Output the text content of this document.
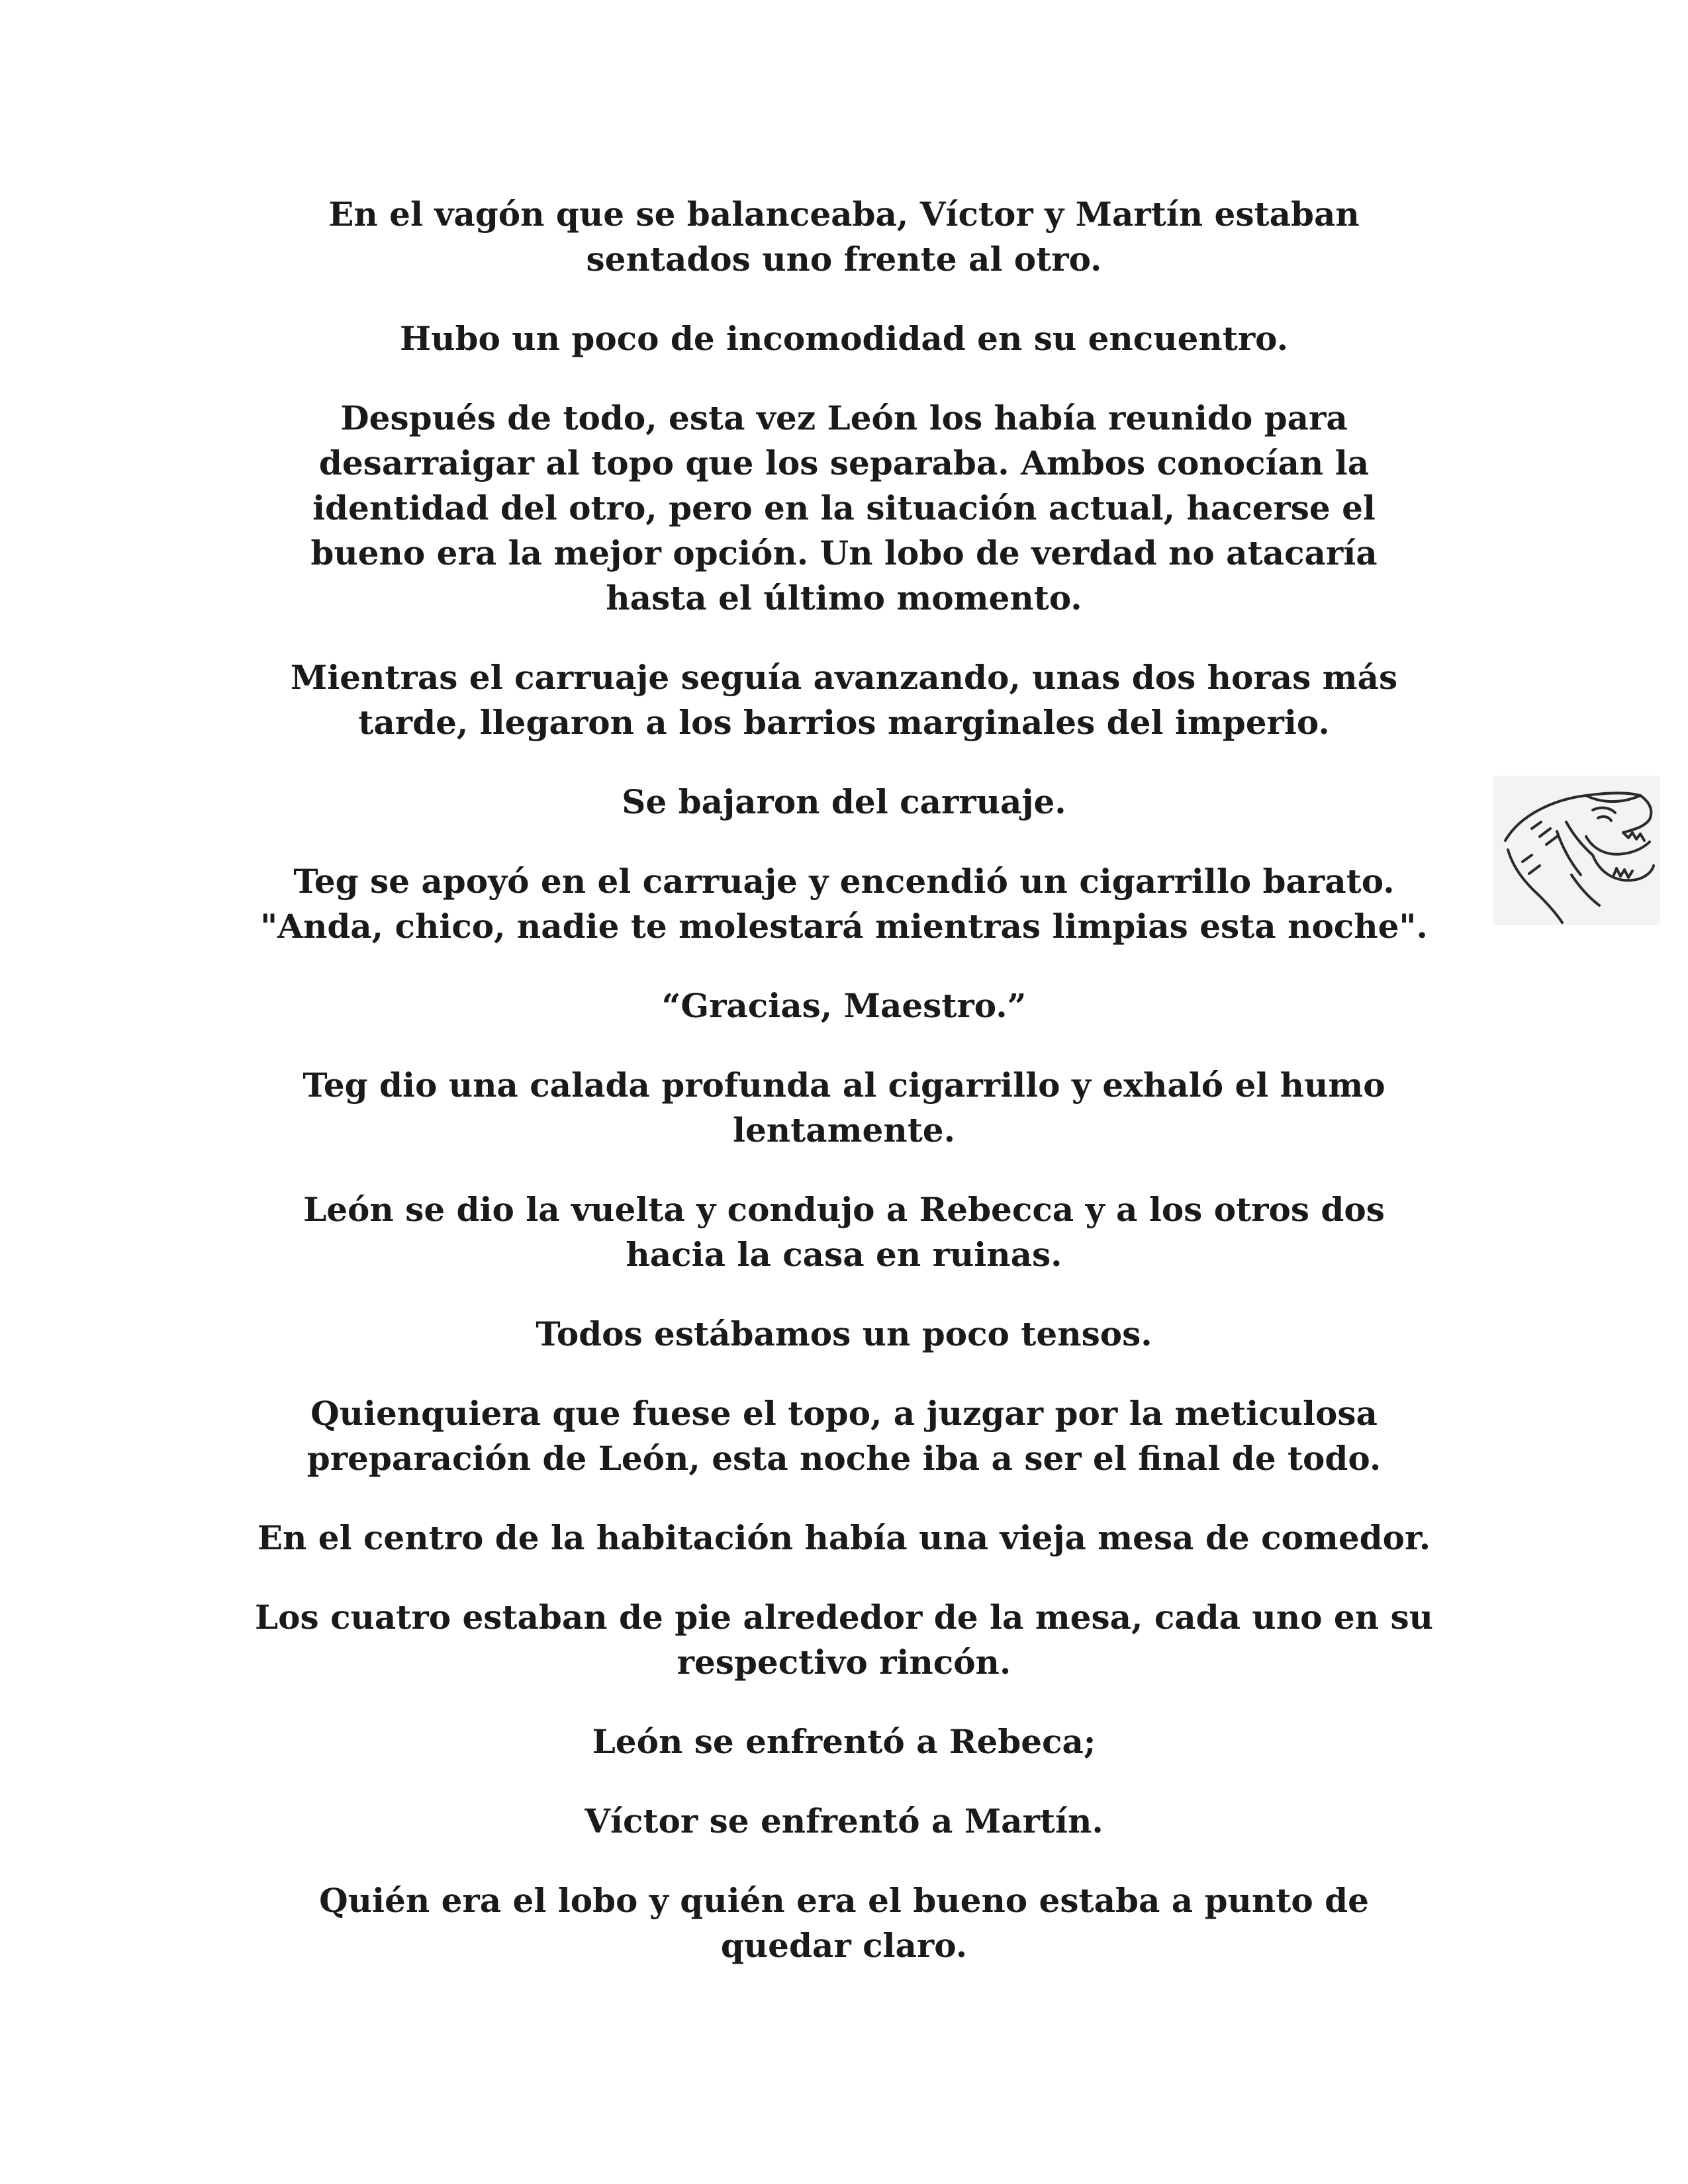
En el vagón que se balanceaba, Víctor y Martín estaban
sentados uno frente al otro.

Hubo un poco de incomodidad en su encuentro.

Después de todo, esta vez León los había reunido para
desarraigar al topo que los separaba. Ambos conocían la
identidad del otro, pero en la situación actual, hacerse el
bueno era la mejor opción. Un lobo de verdad no atacaría
hasta el último momento.

Mientras el carruaje seguía avanzando, unas dos horas más
tarde, llegaron a los barrios marginales del imperio.

Se bajaron del carruaje.

Teg se apoyó en el carruaje y encendió un cigarrillo barato.
"Anda, chico, nadie te molestará mientras limpias esta noche".

“Gracias, Maestro.”

Teg dio una calada profunda al cigarrillo y exhaló el humo
lentamente.

León se dio la vuelta y condujo a Rebecca y a los otros dos
hacia la casa en ruinas.

Todos estábamos un poco tensos.

Quienquiera que fuese el topo, a juzgar por la meticulosa
preparación de León, esta noche iba a ser el final de todo.

En el centro de la habitación había una vieja mesa de comedor.

Los cuatro estaban de pie alrededor de la mesa, cada uno en su
respectivo rincón.

León se enfrentó a Rebeca;

Víctor se enfrentó a Martín.

Quién era el lobo y quién era el bueno estaba a punto de
quedar claro.
